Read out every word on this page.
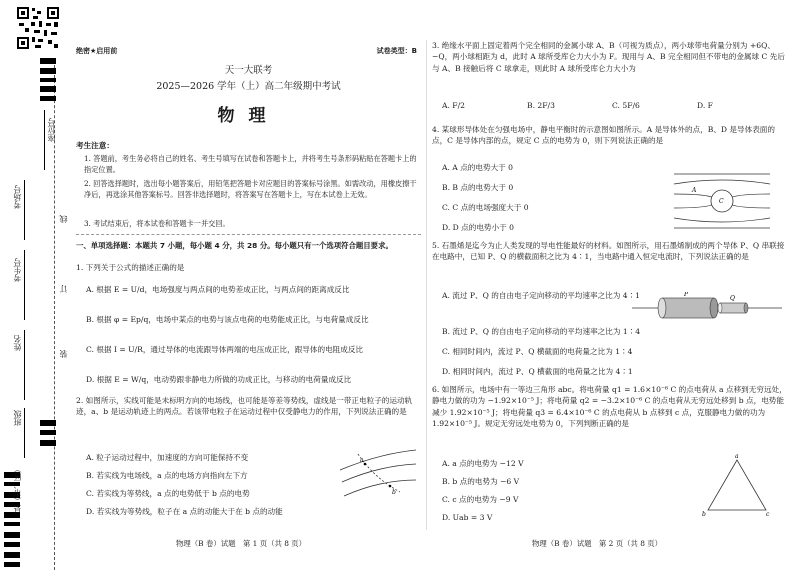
座位号
考场号
考生号
姓名
班级
县（市、区）
线
订
装
绝密★启用前	试卷类型：B
天一大联考
2025—2026 学年（上）高二年级期中考试
物理
考生注意：
1. 答题前，考生务必将自己的姓名、考生号填写在试卷和答题卡上，并将考生号条形码粘贴在答题卡上的指定位置。
2. 回答选择题时，选出每小题答案后，用铅笔把答题卡对应题目的答案标号涂黑。如需改动，用橡皮擦干净后，再选涂其他答案标号。回答非选择题时，将答案写在答题卡上，写在本试卷上无效。
3. 考试结束后，将本试卷和答题卡一并交回。
一、单项选择题：本题共 7 小题，每小题 4 分，共 28 分。每小题只有一个选项符合题目要求。
1. 下列关于公式的描述正确的是
A. 根据 E = U/d，电场强度与两点间的电势差成正比，与两点间的距离成反比
B. 根据 φ = Ep/q，电场中某点的电势与该点电荷的电势能成正比，与电荷量成反比
C. 根据 I = U/R，通过导体的电流跟导体两端的电压成正比，跟导体的电阻成反比
D. 根据 E = W/q，电动势跟非静电力所做的功成正比，与移动的电荷量成反比
2. 如图所示，实线可能是未标明方向的电场线，也可能是等差等势线，虚线是一带正电粒子的运动轨迹，a、b 是运动轨迹上的两点。若该带电粒子在运动过程中仅受静电力的作用，下列说法正确的是
A. 粒子运动过程中，加速度的方向可能保持不变
B. 若实线为电场线，a 点的电场方向指向左下方
C. 若实线为等势线，a 点的电势低于 b 点的电势
D. 若实线为等势线，粒子在 a 点的动能大于在 b 点的动能
a
b
物理（B 卷）试题　第 1 页（共 8 页）
3. 绝缘水平面上固定着两个完全相同的金属小球 A、B（可视为质点），两小球带电荷量分别为 +6Q、−Q，两小球相距为 d，此时 A 球所受库仑力大小为 F。现用与 A、B 完全相同但不带电的金属球 C 先后与 A、B 接触后将 C 球拿走，则此时 A 球所受库仑力大小为
A. F/2	B. 2F/3	C. 5F/6	D. F
4. 某球形导体处在匀强电场中，静电平衡时的示意图如图所示。A 是导体外的点，B、D 是导体表面的点，C 是导体内部的点，规定 C 点的电势为 0，则下列说法正确的是
A. A 点的电势大于 0
B. B 点的电势大于 0
C. C 点的电场强度大于 0
D. D 点的电势小于 0
A
C
5. 石墨烯是迄今为止人类发现的导电性能最好的材料。如图所示，用石墨烯制成的两个导体 P、Q 串联接在电路中，已知 P、Q 的横截面积之比为 4∶1，当电路中通入恒定电流时，下列说法正确的是
A. 流过 P、Q 的自由电子定向移动的平均速率之比为 4∶1
B. 流过 P、Q 的自由电子定向移动的平均速率之比为 1∶4
C. 相同时间内，流过 P、Q 横截面的电荷量之比为 1∶4
D. 相同时间内，流过 P、Q 横截面的电荷量之比为 4∶1
P
Q
6. 如图所示，电场中有一等边三角形 abc。将电荷量 q1 = 1.6×10⁻⁶ C 的点电荷从 a 点移到无穷远处，静电力做的功为 −1.92×10⁻⁵ J；将电荷量 q2 = −3.2×10⁻⁶ C 的点电荷从无穷远处移到 b 点，电势能减少 1.92×10⁻⁵ J；将电荷量 q3 = 6.4×10⁻⁶ C 的点电荷从 b 点移到 c 点，克服静电力做的功为 1.92×10⁻⁵ J。规定无穷远处电势为 0，下列判断正确的是
A. a 点的电势为 −12 V
B. b 点的电势为 −6 V
C. c 点的电势为 −9 V
D. Uab = 3 V
a
b	c
物理（B 卷）试题　第 2 页（共 8 页）
